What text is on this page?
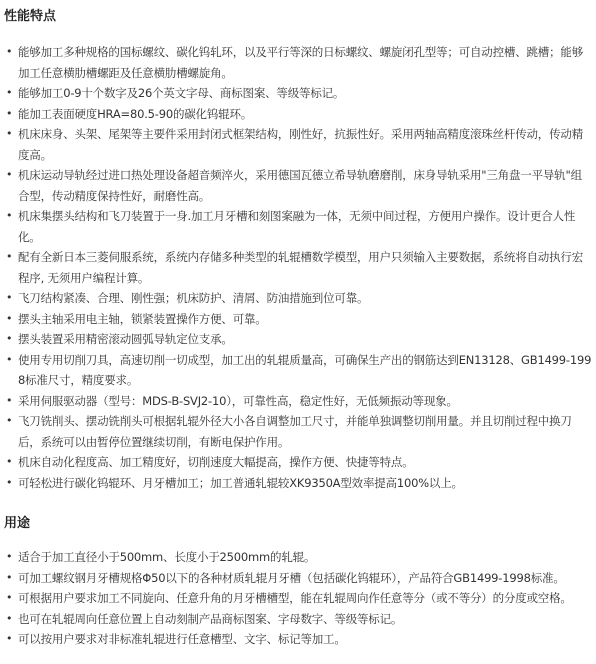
性能特点
• 能够加工多种规格的国标螺纹、碳化钨轧环，以及平行等深的日标螺纹、螺旋闭孔型等；可自动控槽、跳槽；能够加工任意横肋槽螺距及任意横肋槽螺旋角。
• 能够加工0-9十个数字及26个英文字母、商标图案、等级等标记。
• 能加工表面硬度HRA=80.5-90的碳化钨辊环。
• 机床床身、头架、尾架等主要件采用封闭式框架结构，刚性好，抗振性好。采用两轴高精度滚珠丝杆传动，传动精度高。
• 机床运动导轨经过进口热处理设备超音频淬火，采用德国瓦德立希导轨磨磨削，床身导轨采用"三角盘一平导轨"组合型，传动精度保持性好，耐磨性高。
• 机床集摆头结构和飞刀装置于一身.加工月牙槽和刻图案融为一体，无须中间过程，方便用户操作。设计更合人性化。
• 配有全新日本三菱伺服系统，系统内存储多种类型的轧辊槽数学模型，用户只须输入主要数据，系统将自动执行宏程序, 无须用户编程计算。
• 飞刀结构紧凑、合理、刚性强；机床防护、清屑、防油措施到位可靠。
• 摆头主轴采用电主轴，锁紧装置操作方便、可靠。
• 摆头装置采用精密滚动圆弧导轨定位支承。
• 使用专用切削刀具，高速切削一切成型，加工出的轧辊质量高，可确保生产出的钢筋达到EN13128、GB1499-1998标准尺寸，精度要求。
• 采用伺服驱动器（型号：MDS-B-SVJ2-10），可靠性高，稳定性好，无低频振动等现象。
• 飞刀铣削头、摆动铣削头可根据轧辊外径大小各自调整加工尺寸，并能单独调整切削用量。并且切削过程中换刀后，系统可以由暂停位置继续切削，有断电保护作用。
• 机床自动化程度高、加工精度好，切削速度大幅提高，操作方便、快捷等特点。
• 可轻松进行碳化钨辊环、月牙槽加工；加工普通轧辊较XK9350A型效率提高100%以上。
用途
• 适合于加工直径小于500mm、长度小于2500mm的轧辊。
• 可加工螺纹钢月牙槽规格Φ50以下的各种材质轧辊月牙槽（包括碳化钨辊环），产品符合GB1499-1998标准。
• 可根据用户要求加工不同旋向、任意升角的月牙槽槽型，能在轧辊周向作任意等分（或不等分）的分度或空格。
• 也可在轧辊周向任意位置上自动刻制产品商标图案、字母数字、等级等标记。
• 可以按用户要求对非标准轧辊进行任意槽型、文字、标记等加工。
